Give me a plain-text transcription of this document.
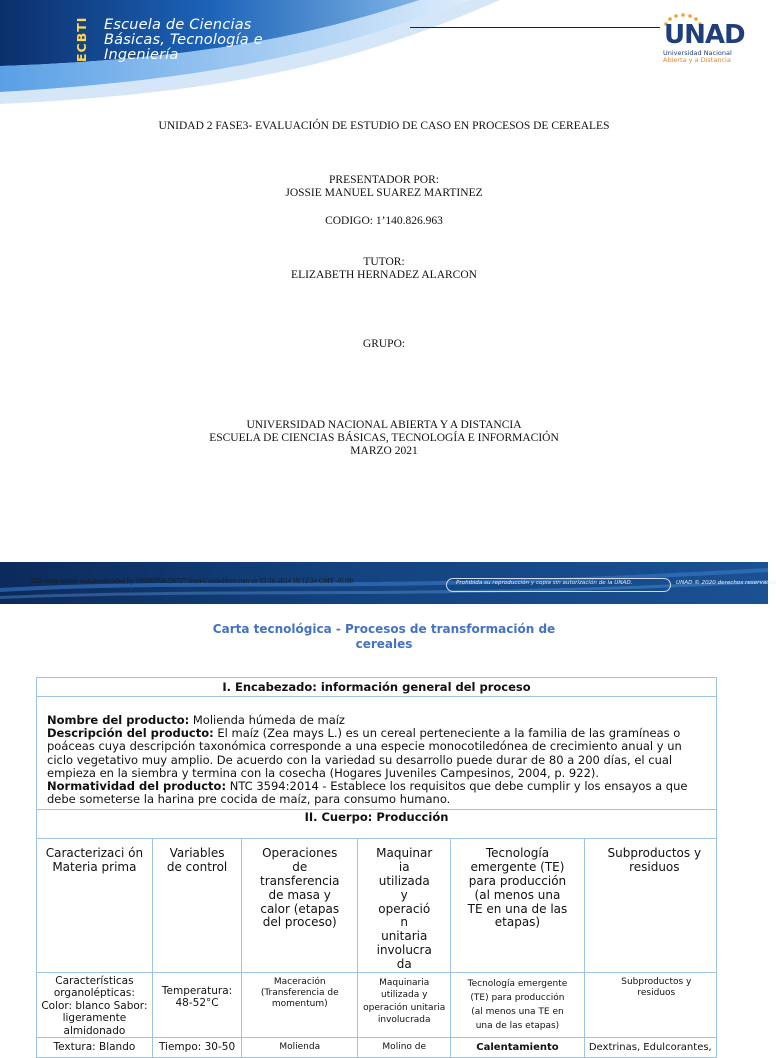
ECBTI Escuela de Ciencias
Básicas, Tecnología e
Ingeniería
UNAD
Universidad Nacional
Abierta y a Distancia
UNIDAD 2 FASE3- EVALUACIÓN DE ESTUDIO DE CASO EN PROCESOS DE CEREALES
PRESENTADOR POR:
JOSSIE MANUEL SUAREZ MARTINEZ
CODIGO: 1’140.826.963
TUTOR:
ELIZABETH HERNADEZ ALARCON
GRUPO:
UNIVERSIDAD NACIONAL ABIERTA Y A DISTANCIA
ESCUELA DE CIENCIAS BÁSICAS, TECNOLOGÍA E INFORMACIÓN
MARZO 2021
This study source was downloaded by 100000768226727 from CourseHero.com on 03-16-2024 19:12:34 GMT -05:00	Prohibida su reproducción y copia sin autorización de la UNAD.	UNAD © 2020 derechos reservados
Carta tecnológica - Procesos de transformación de cereales
I. Encabezado: información general del proceso					
Nombre del producto: Molienda húmeda de maíz
Descripción del producto: El maíz (Zea mays L.) es un cereal perteneciente a la familia de las gramíneas o poáceas cuya descripción taxonómica corresponde a una especie monocotiledónea de crecimiento anual y un ciclo vegetativo muy amplio. De acuerdo con la variedad su desarrollo puede durar de 80 a 200 días, el cual empieza en la siembra y termina con la cosecha (Hogares Juveniles Campesinos, 2004, p. 922).
Normatividad del producto: NTC 3594:2014 - Establece los requisitos que debe cumplir y los ensayos a que debe someterse la harina pre cocida de maíz, para consumo humano.					
II. Cuerpo: Producción					
Caracterizaci ón Materia prima	Variables de control	Operaciones de transferencia de masa y calor (etapas del proceso)	Maquinar ia utilizada y operació n unitaria involucra da	Tecnología emergente (TE) para producción (al menos una TE en una de las etapas)	Subproductos y residuos
Características organolépticas: Color: blanco Sabor: ligeramente almidonado	Temperatura: 48-52°C	Maceración (Transferencia de momentum)	Maquinaria utilizada y operación unitaria involucrada	Tecnología emergente (TE) para producción (al menos una TE en una de las etapas)	Subproductos y residuos
Textura: Blando	Tiempo: 30-50	Molienda	Molino de	Calentamiento	Dextrinas, Edulcorantes,
